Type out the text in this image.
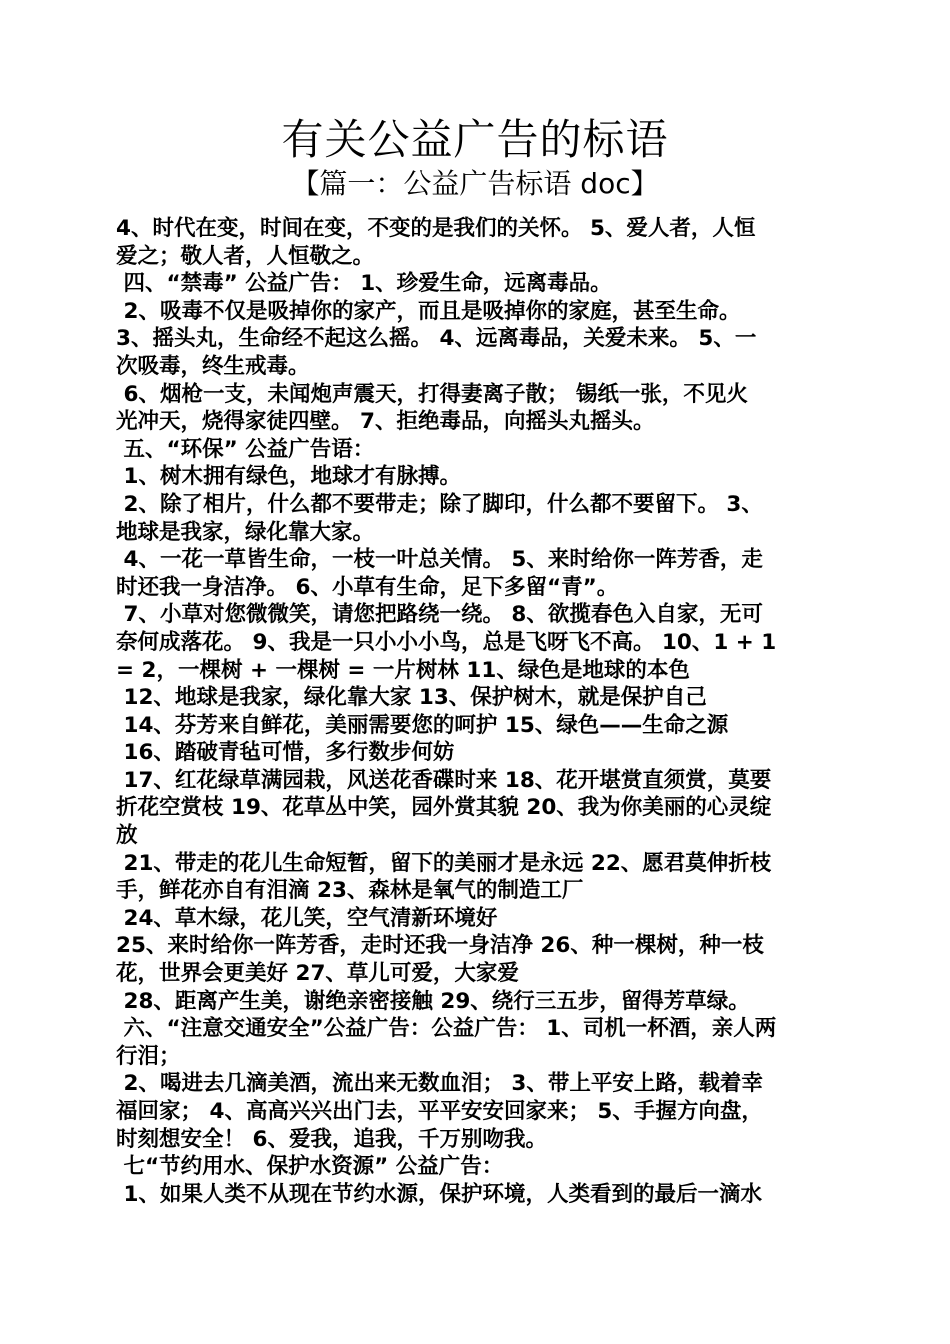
有关公益广告的标语
【篇一：公益广告标语 doc】
4、时代在变，时间在变，不变的是我们的关怀。 5、爱人者，人恒
爱之；敬人者，人恒敬之。
四、“禁毒” 公益广告： 1、珍爱生命，远离毒品。
2、吸毒不仅是吸掉你的家产，而且是吸掉你的家庭，甚至生命。
3、摇头丸，生命经不起这么摇。 4、远离毒品，关爱未来。 5、一
次吸毒，终生戒毒。
6、烟枪一支，未闻炮声震天，打得妻离子散； 锡纸一张，不见火
光冲天，烧得家徒四壁。 7、拒绝毒品，向摇头丸摇头。
五、“环保” 公益广告语：
1、树木拥有绿色，地球才有脉搏。
2、除了相片，什么都不要带走；除了脚印，什么都不要留下。 3、
地球是我家，绿化靠大家。
4、一花一草皆生命，一枝一叶总关情。 5、来时给你一阵芳香，走
时还我一身洁净。 6、小草有生命，足下多留“青”。
7、小草对您微微笑，请您把路绕一绕。 8、欲揽春色入自家，无可
奈何成落花。 9、我是一只小小小鸟，总是飞呀飞不高。 10、1 + 1
= 2，一棵树 + 一棵树 = 一片树林 11、绿色是地球的本色
12、地球是我家，绿化靠大家 13、保护树木，就是保护自己
14、芬芳来自鲜花，美丽需要您的呵护 15、绿色——生命之源
16、踏破青毡可惜，多行数步何妨
17、红花绿草满园栽，风送花香碟时来 18、花开堪赏直须赏，莫要
折花空赏枝 19、花草丛中笑，园外赏其貌 20、我为你美丽的心灵绽
放
21、带走的花儿生命短暂，留下的美丽才是永远 22、愿君莫伸折枝
手，鲜花亦自有泪滴 23、森林是氧气的制造工厂
24、草木绿，花儿笑，空气清新环境好
25、来时给你一阵芳香，走时还我一身洁净 26、种一棵树，种一枝
花，世界会更美好 27、草儿可爱，大家爱
28、距离产生美，谢绝亲密接触 29、绕行三五步，留得芳草绿。
六、“注意交通安全”公益广告：公益广告： 1、司机一杯酒，亲人两
行泪；
2、喝进去几滴美酒，流出来无数血泪； 3、带上平安上路，载着幸
福回家； 4、高高兴兴出门去，平平安安回家来； 5、手握方向盘，
时刻想安全！ 6、爱我，追我，千万别吻我。
七“节约用水、保护水资源” 公益广告：
1、如果人类不从现在节约水源，保护环境，人类看到的最后一滴水
